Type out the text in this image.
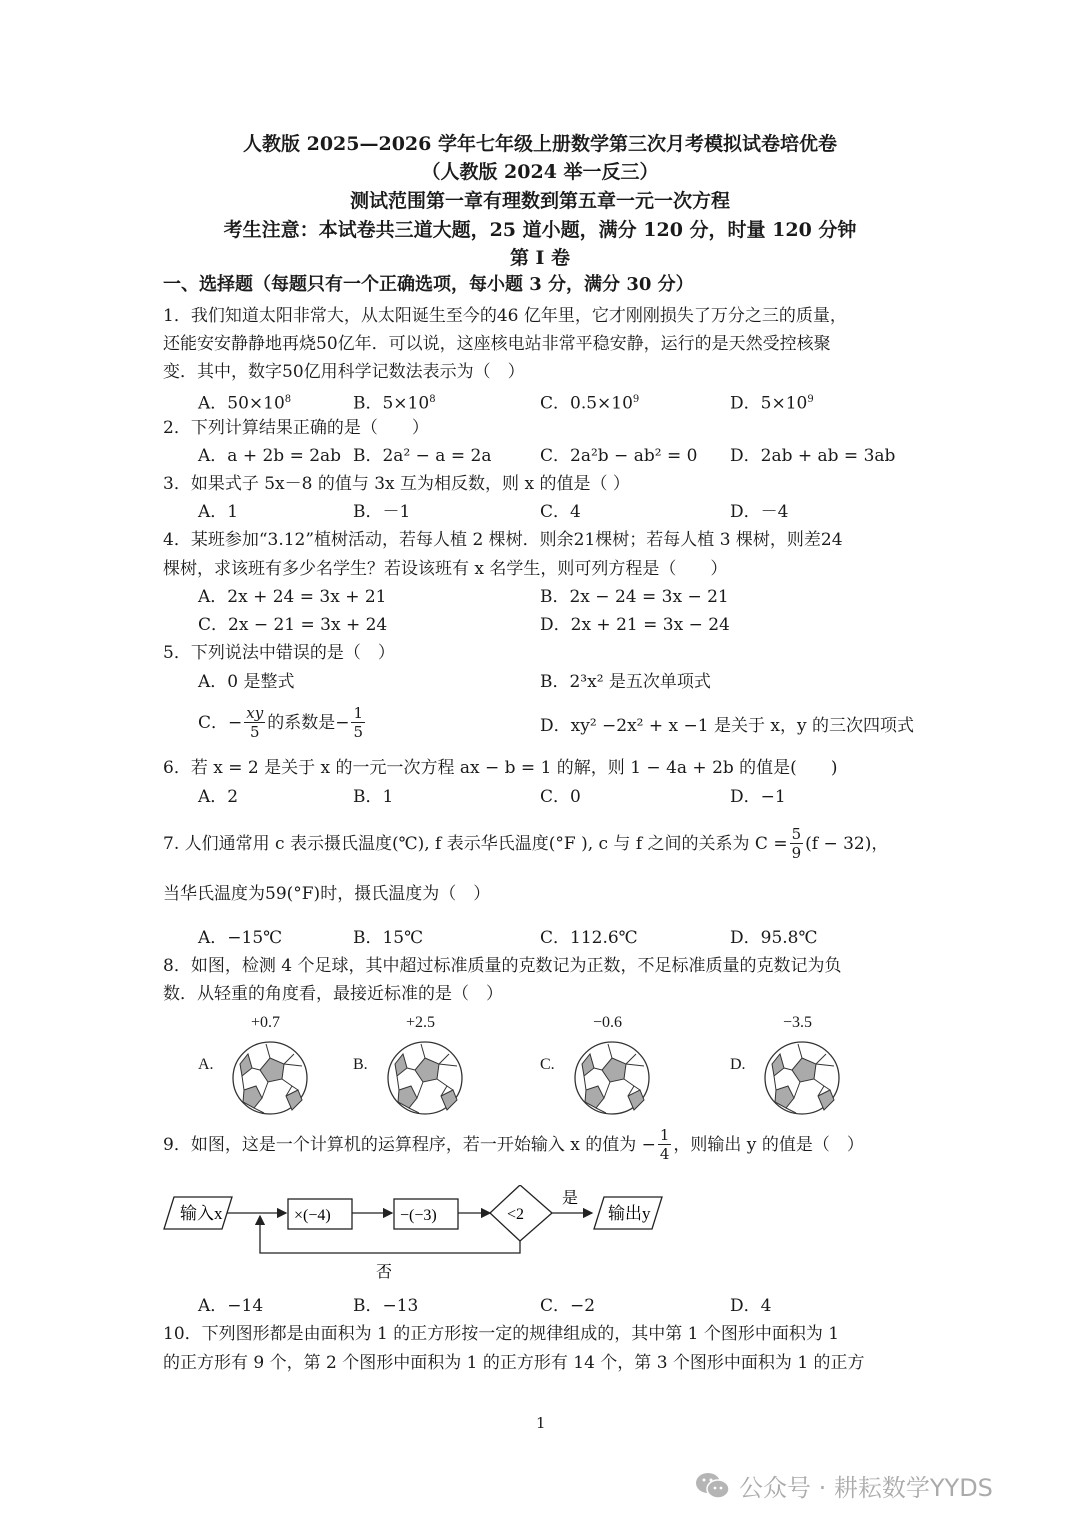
人教版 2025—2026 学年七年级上册数学第三次月考模拟试卷培优卷
（人教版 2024 举一反三）
测试范围第一章有理数到第五章一元一次方程
考生注意：本试卷共三道大题，25 道小题，满分 120 分，时量 120 分钟
第 I 卷
一、选择题（每题只有一个正确选项，每小题 3 分，满分 30 分）
1．我们知道太阳非常大，从太阳诞生至今的46 亿年里，它才刚刚损失了万分之三的质量，
还能安安静静地再烧50亿年．可以说，这座核电站非常平稳安静，运行的是天然受控核聚
变．其中，数字50亿用科学记数法表示为（　）
A．$50\times 10^8$	B．$5\times 10^8$	C．$0.5\times 10^9$	D．$5\times 10^9$
2．下列计算结果正确的是（　　）
A．a + 2b = 2ab B．2a² − a = 2a	C．2a²b − ab² = 0 D．2ab + ab = 3ab
3．如果式子 5x－8 的值与 3x 互为相反数，则 x 的值是（ ）
A．1	B．－1	C．4	D．－4
4．某班参加“3.12”植树活动，若每人植 2 棵树．则余21棵树；若每人植 3 棵树，则差24
棵树，求该班有多少名学生？若设该班有 x 名学生，则可列方程是（　　）
A．2x + 24 = 3x + 21	B．2x − 24 = 3x − 21
C．2x − 21 = 3x + 24	D．2x + 21 = 3x − 24
5．下列说法中错误的是（　）
A．0 是整式	B．2³x² 是五次单项式
C．− $\frac{xy}{5}$ 的系数是− $\frac{1}{5}$	D．xy² −2x² + x −1 是关于 x，y 的三次四项式
6．若 x = 2 是关于 x 的一元一次方程 ax − b = 1 的解，则 1 − 4a + 2b 的值是(　　)
A．2	B．1	C．0	D．−1
7. 人们通常用 c 表示摄氏温度(℃), f 表示华氏温度(°F ), c 与 f 之间的关系为 $C = \frac{5}{9} (f - 32)$，
当华氏温度为59(°F)时，摄氏温度为（　）
A．−15℃	B．15℃	C．112.6℃	D．95.8℃
8．如图，检测 4 个足球，其中超过标准质量的克数记为正数，不足标准质量的克数记为负
数．从轻重的角度看，最接近标准的是（　）
+0.7
A.
+2.5
B.
−0.6
C.
−3.5
D.
9．如图，这是一个计算机的运算程序，若一开始输入 x 的值为 − $\frac{1}{4}$ ，则输出 y 的值是（　）
输入x	×(−4)	−(−3)	<2
是
输出y
否
A．−14	B．−13	C．−2	D．4
10．下列图形都是由面积为 1 的正方形按一定的规律组成的，其中第 1 个图形中面积为 1
的正方形有 9 个，第 2 个图形中面积为 1 的正方形有 14 个，第 3 个图形中面积为 1 的正方
1
公众号 · 耕耘数学YYDS
